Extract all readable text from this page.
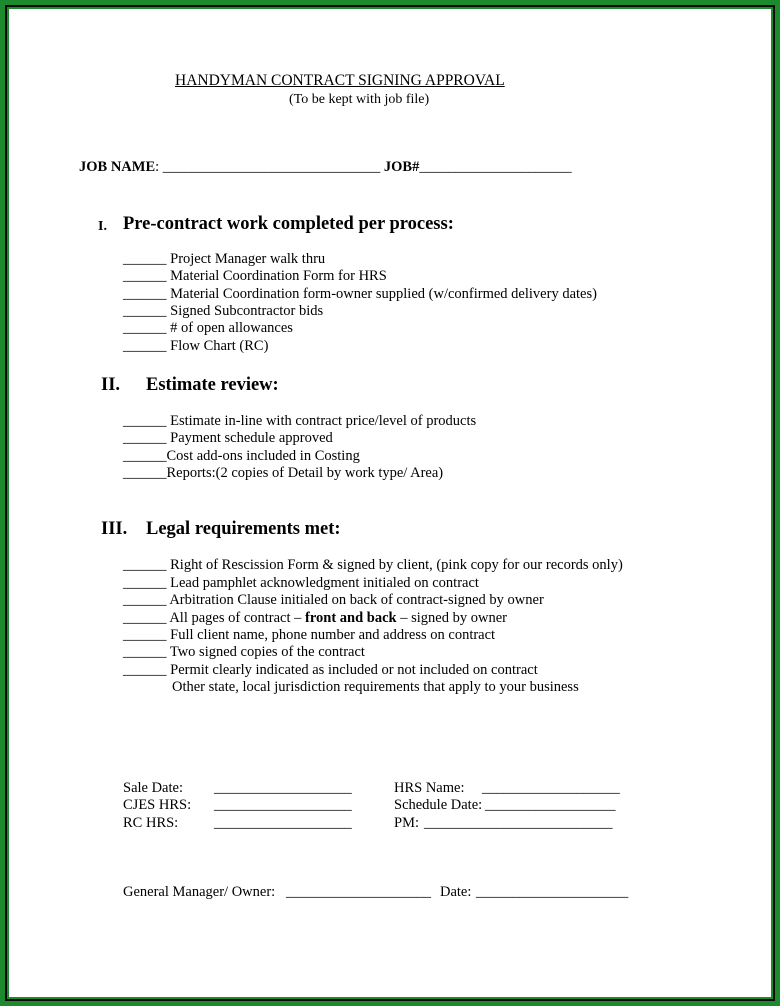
HANDYMAN CONTRACT SIGNING APPROVAL
(To be kept with job file)
JOB NAME: ______________________________ JOB#_____________________
I. Pre-contract work completed per process:
______ Project Manager walk thru
______ Material Coordination Form for HRS
______ Material Coordination form-owner supplied (w/confirmed delivery dates)
______ Signed Subcontractor bids
______ # of open allowances
______ Flow Chart (RC)
II. Estimate review:
______ Estimate in-line with contract price/level of products
______ Payment schedule approved
______Cost add-ons included in Costing
______Reports:(2 copies of Detail by work type/ Area)
III. Legal requirements met:
______ Right of Rescission Form & signed by client, (pink copy for our records only)
______ Lead pamphlet acknowledgment initialed on contract
______ Arbitration Clause initialed on back of contract-signed by owner
______ All pages of contract – front and back – signed by owner
______ Full client name, phone number and address on contract
______ Two signed copies of the contract
______ Permit clearly indicated as included or not included on contract
Other state, local jurisdiction requirements that apply to your business
Sale Date: ___________________
CJES HRS: ___________________
RC HRS: ___________________
HRS Name: ___________________
Schedule Date: __________________
PM: __________________________
General Manager/ Owner: ____________________ Date: _____________________
